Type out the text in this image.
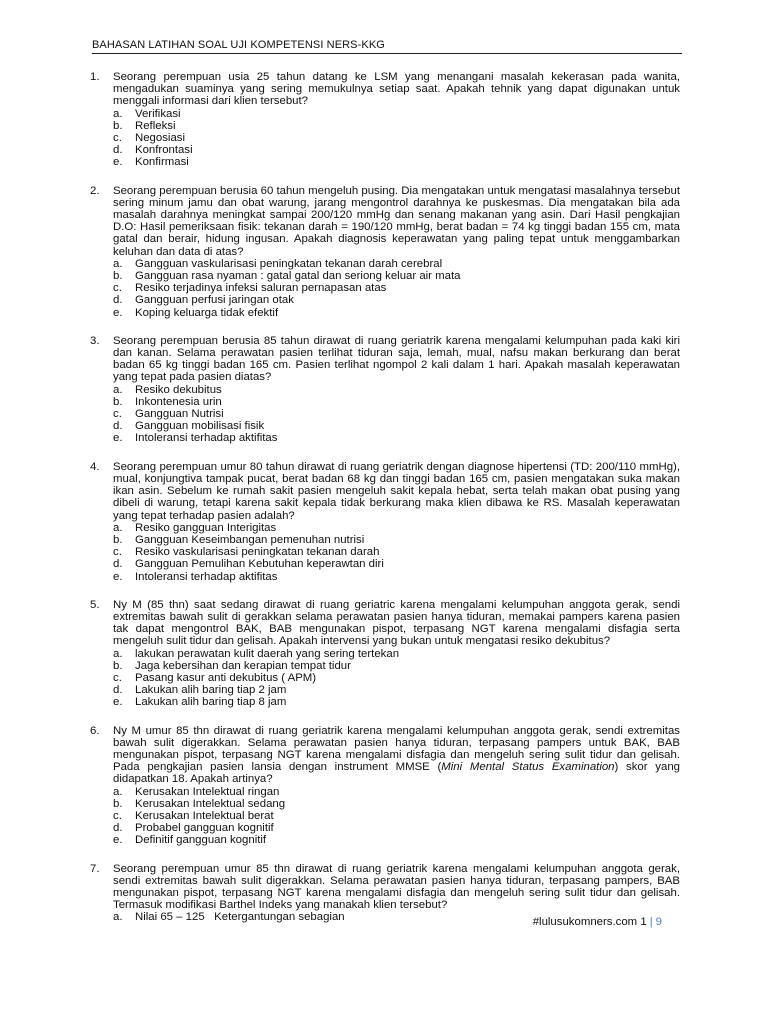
BAHASAN LATIHAN SOAL UJI KOMPETENSI NERS-KKG
1. Seorang perempuan usia 25 tahun datang ke LSM yang menangani masalah kekerasan pada wanita, mengadukan suaminya yang sering memukulnya setiap saat. Apakah tehnik yang dapat digunakan untuk menggali informasi dari klien tersebut?
a. Verifikasi
b. Refleksi
c. Negosiasi
d. Konfrontasi
e. Konfirmasi
2. Seorang perempuan berusia 60 tahun mengeluh pusing. Dia mengatakan untuk mengatasi masalahnya tersebut sering minum jamu dan obat warung, jarang mengontrol darahnya ke puskesmas. Dia mengatakan bila ada masalah darahnya meningkat sampai 200/120 mmHg dan senang makanan yang asin. Dari Hasil pengkajian D.O: Hasil pemeriksaan fisik: tekanan darah = 190/120 mmHg, berat badan = 74 kg tinggi badan 155 cm, mata gatal dan berair, hidung ingusan. Apakah diagnosis keperawatan yang paling tepat untuk menggambarkan keluhan dan data di atas?
a. Gangguan vaskularisasi peningkatan tekanan darah cerebral
b. Gangguan rasa nyaman : gatal gatal dan seriong keluar air mata
c. Resiko terjadinya infeksi saluran pernapasan atas
d. Gangguan perfusi jaringan otak
e. Koping keluarga tidak efektif
3. Seorang perempuan berusia 85 tahun dirawat di ruang geriatrik karena mengalami kelumpuhan pada kaki kiri dan kanan. Selama perawatan pasien terlihat tiduran saja, lemah, mual, nafsu makan berkurang dan berat badan 65 kg tinggi badan 165 cm. Pasien terlihat ngompol 2 kali dalam 1 hari. Apakah masalah keperawatan yang tepat pada pasien diatas?
a. Resiko dekubitus
b. Inkontenesia urin
c. Gangguan Nutrisi
d. Gangguan mobilisasi fisik
e. Intoleransi terhadap aktifitas
4. Seorang perempuan umur 80 tahun dirawat di ruang geriatrik dengan diagnose hipertensi (TD: 200/110 mmHg), mual, konjungtiva tampak pucat, berat badan 68 kg dan tinggi badan 165 cm, pasien mengatakan suka makan ikan asin. Sebelum ke rumah sakit pasien mengeluh sakit kepala hebat, serta telah makan obat pusing yang dibeli di warung, tetapi karena sakit kepala tidak berkurang maka klien dibawa ke RS. Masalah keperawatan yang tepat terhadap pasien adalah?
a. Resiko gangguan Interigitas
b. Gangguan Keseimbangan pemenuhan nutrisi
c. Resiko vaskularisasi peningkatan tekanan darah
d. Gangguan Pemulihan Kebutuhan keperawtan diri
e. Intoleransi terhadap aktifitas
5. Ny M (85 thn) saat sedang dirawat di ruang geriatric karena mengalami kelumpuhan anggota gerak, sendi extremitas bawah sulit di gerakkan selama perawatan pasien hanya tiduran, memakai pampers karena pasien tak dapat mengontrol BAK, BAB mengunakan pispot, terpasang NGT karena mengalami disfagia serta mengeluh sulit tidur dan gelisah. Apakah intervensi yang bukan untuk mengatasi resiko dekubitus?
a. lakukan perawatan kulit daerah yang sering tertekan
b. Jaga kebersihan dan kerapian tempat tidur
c. Pasang kasur anti dekubitus ( APM)
d. Lakukan alih baring tiap 2 jam
e. Lakukan alih baring tiap 8 jam
6. Ny M umur 85 thn dirawat di ruang geriatrik karena mengalami kelumpuhan anggota gerak, sendi extremitas bawah sulit digerakkan. Selama perawatan pasien hanya tiduran, terpasang pampers untuk BAK, BAB mengunakan pispot, terpasang NGT karena mengalami disfagia dan mengeluh sering sulit tidur dan gelisah. Pada pengkajian pasien lansia dengan instrument MMSE (Mini Mental Status Examination) skor yang didapatkan 18. Apakah artinya?
a. Kerusakan Intelektual ringan
b. Kerusakan Intelektual sedang
c. Kerusakan Intelektual berat
d. Probabel gangguan kognitif
e. Definitif gangguan kognitif
7. Seorang perempuan umur 85 thn dirawat di ruang geriatrik karena mengalami kelumpuhan anggota gerak, sendi extremitas bawah sulit digerakkan. Selama perawatan pasien hanya tiduran, terpasang pampers, BAB mengunakan pispot, terpasang NGT karena mengalami disfagia dan mengeluh sering sulit tidur dan gelisah. Termasuk modifikasi Barthel Indeks yang manakah klien tersebut?
a. Nilai 65 – 125   Ketergantungan sebagian	#lulusukomners.com 1 | 9
